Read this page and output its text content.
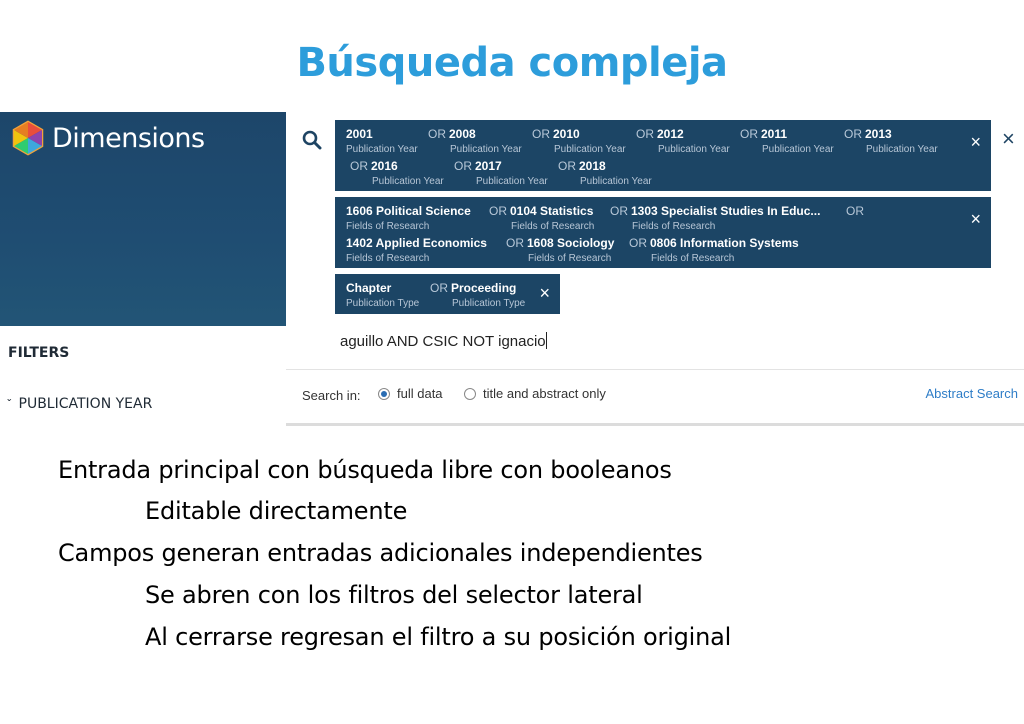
Búsqueda compleja
Dimensions
FILTERS
ˇ PUBLICATION YEAR
×
×
2001
Publication Year
OR 2008
Publication Year
OR 2010
Publication Year
OR 2012
Publication Year
OR 2011
Publication Year
OR 2013
Publication Year
OR 2016
Publication Year
OR 2017
Publication Year
OR 2018
Publication Year
×
1606 Political Science
Fields of Research
OR 0104 Statistics
Fields of Research
OR 1303 Specialist Studies In Educ...
Fields of Research
OR
1402 Applied Economics
Fields of Research
OR 1608 Sociology
Fields of Research
OR 0806 Information Systems
Fields of Research
×
Chapter
Publication Type
OR Proceeding
Publication Type
aguillo AND CSIC NOT ignacio
Search in:	full data	title and abstract only	Abstract Search
Entrada principal con búsqueda libre con booleanos
Editable directamente
Campos generan entradas adicionales independientes
Se abren con los filtros del selector lateral
Al cerrarse regresan el filtro a su posición original
